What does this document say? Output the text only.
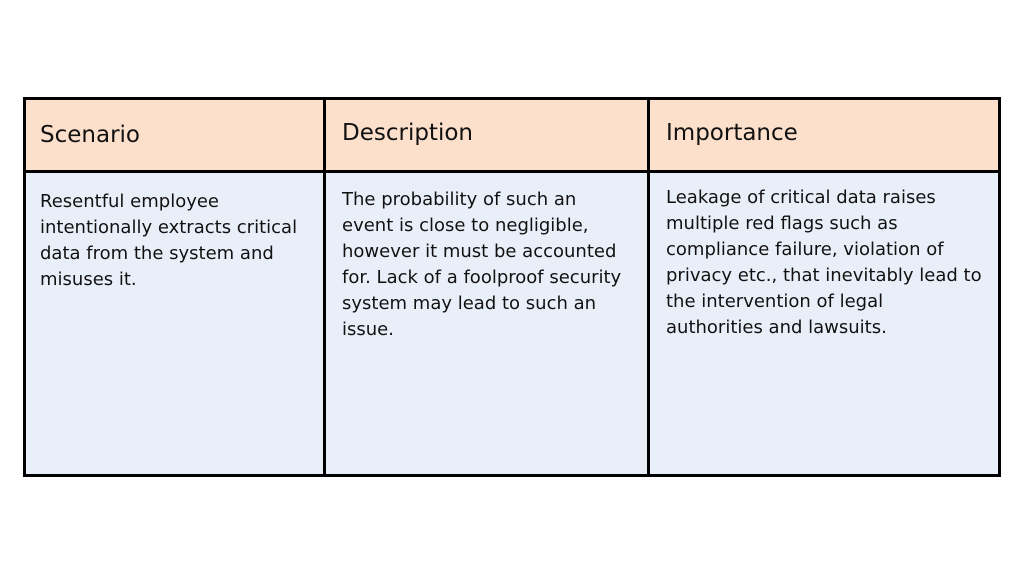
Scenario	Description	Importance
Resentful employee intentionally extracts critical data from the system and misuses it.
The probability of such an event is close to negligible, however it must be accounted for. Lack of a foolproof security system may lead to such an issue.
Leakage of critical data raises multiple red flags such as compliance failure, violation of privacy etc., that inevitably lead to the intervention of legal authorities and lawsuits.
